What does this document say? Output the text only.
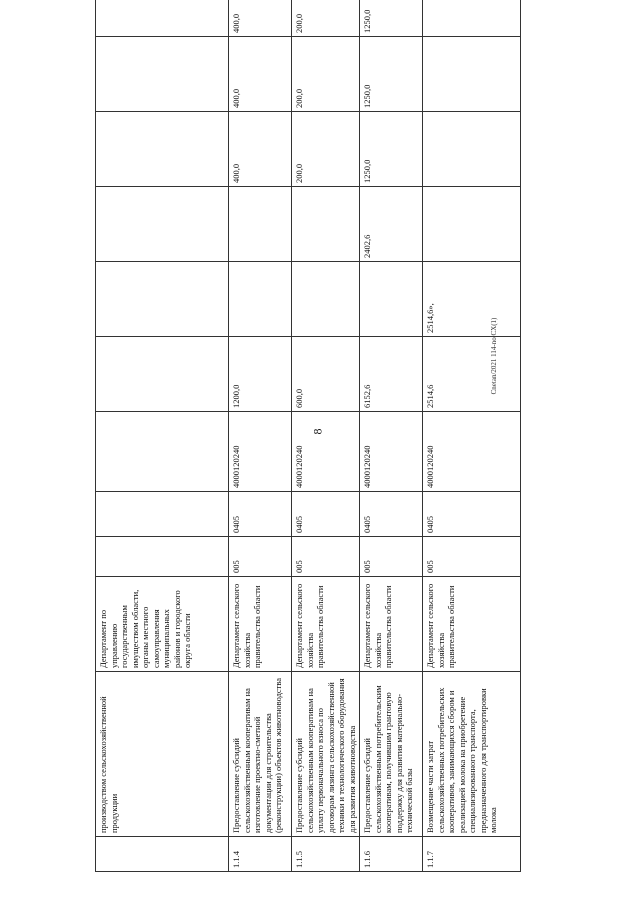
8
Cnetan/2021 114-no CX(1)
	производством сельскохозяйственной продукции	Департамент по управлению государственным имуществом области, органы местного самоуправления муниципальных районов и городского округа области									
1.1.4	Предоставление субсидий сельскохозяйственным кооперативам на изготовление проектно-сметной документации для строительства (реконструкции) объектов животноводства	Департамент сельского хозяйства правительства области	005	0405	4000120240	1200,0			400,0	400,0	400,0
1.1.5	Предоставление субсидий сельскохозяйственным кооперативам на уплату первоначального взноса по договорам лизинга сельскохозяйственной техники и технологического оборудования для развития животноводства	Департамент сельского хозяйства правительства области	005	0405	4000120240	600,0			200,0	200,0	200,0
1.1.6	Предоставление субсидий сельскохозяйственным потребительским кооперативам, получившим грантовую поддержку для развития материально-технической базы	Департамент сельского хозяйства правительства области	005	0405	4000120240	6152,6		2402,6	1250,0	1250,0	1250,0
1.1.7	Возмещение части затрат сельскохозяйственных потребительских кооперативов, занимающихся сбором и реализацией молока на приобретение специализированного транспорта, предназначенного для транспортировки молока	Департамент сельского хозяйства правительства области	005	0405	4000120240	2514,6	2514,6»,				
